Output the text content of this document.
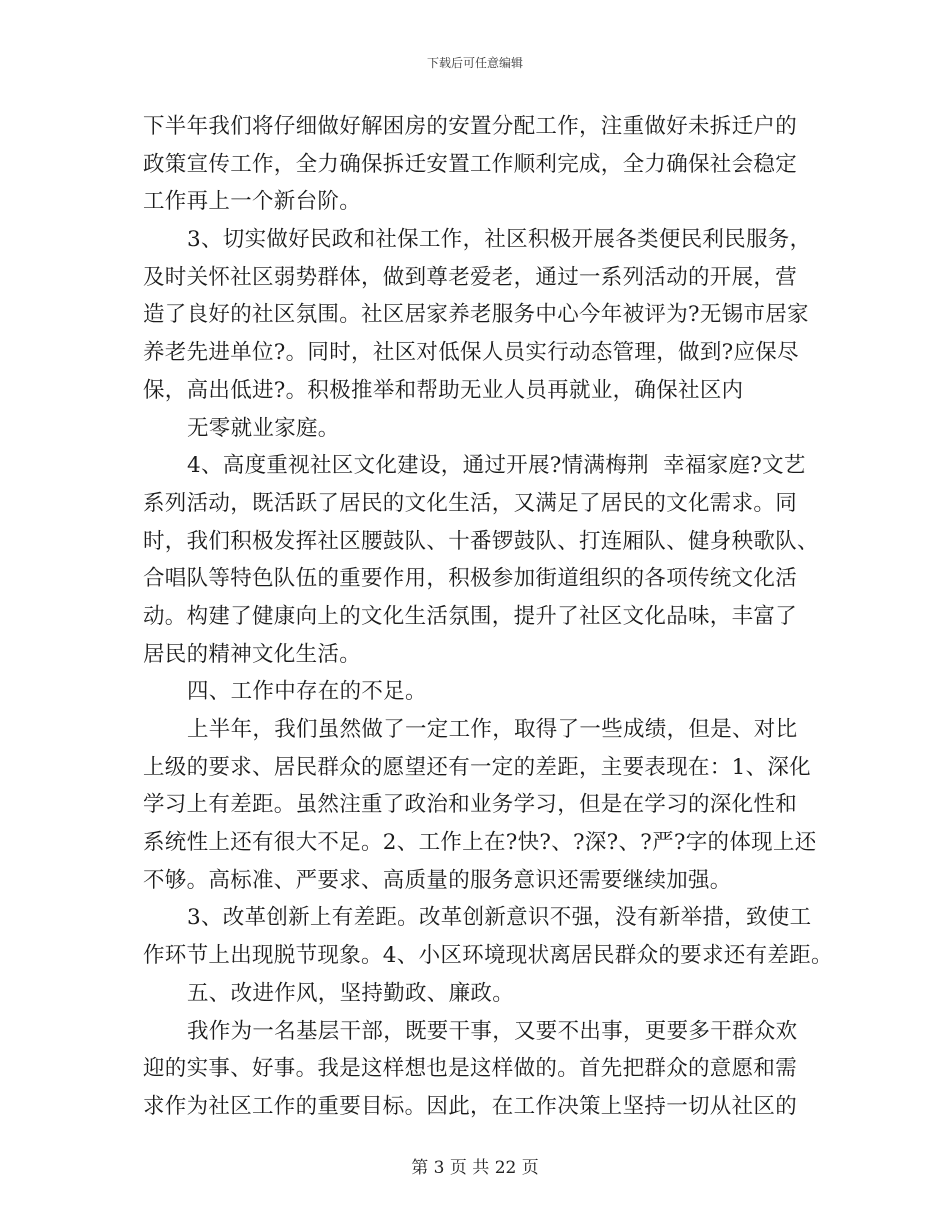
下载后可任意编辑
下半年我们将仔细做好解困房的安置分配工作，注重做好未拆迁户的
政策宣传工作，全力确保拆迁安置工作顺利完成，全力确保社会稳定
工作再上一个新台阶。
3、切实做好民政和社保工作，社区积极开展各类便民利民服务，
及时关怀社区弱势群体，做到尊老爱老，通过一系列活动的开展，营
造了良好的社区氛围。社区居家养老服务中心今年被评为?无锡市居家
养老先进单位?。同时，社区对低保人员实行动态管理，做到?应保尽
保，高出低进?。积极推举和帮助无业人员再就业，确保社区内
无零就业家庭。
4、高度重视社区文化建设，通过开展?情满梅荆  幸福家庭?文艺
系列活动，既活跃了居民的文化生活，又满足了居民的文化需求。同
时，我们积极发挥社区腰鼓队、十番锣鼓队、打连厢队、健身秧歌队、
合唱队等特色队伍的重要作用，积极参加街道组织的各项传统文化活
动。构建了健康向上的文化生活氛围，提升了社区文化品味，丰富了
居民的精神文化生活。
四、工作中存在的不足。
上半年，我们虽然做了一定工作，取得了一些成绩，但是、对比
上级的要求、居民群众的愿望还有一定的差距，主要表现在：1、深化
学习上有差距。虽然注重了政治和业务学习，但是在学习的深化性和
系统性上还有很大不足。2、工作上在?快?、?深?、?严?字的体现上还
不够。高标准、严要求、高质量的服务意识还需要继续加强。
3、改革创新上有差距。改革创新意识不强，没有新举措，致使工
作环节上出现脱节现象。4、小区环境现状离居民群众的要求还有差距。
五、改进作风，坚持勤政、廉政。
我作为一名基层干部，既要干事，又要不出事，更要多干群众欢
迎的实事、好事。我是这样想也是这样做的。首先把群众的意愿和需
求作为社区工作的重要目标。因此，在工作决策上坚持一切从社区的
第 3 页 共 22 页
